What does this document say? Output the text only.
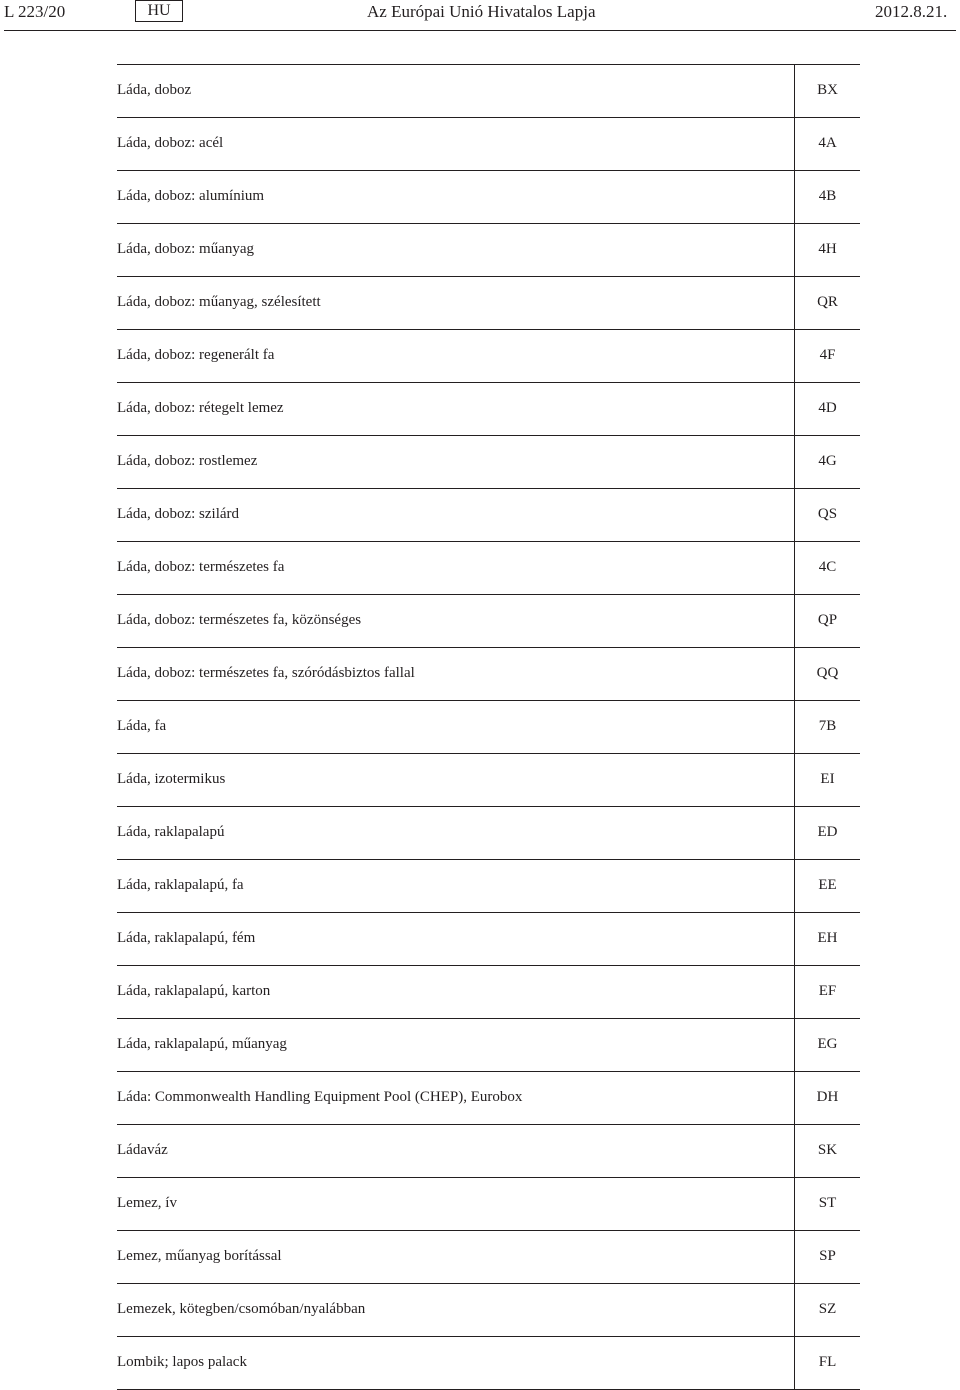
L 223/20	HU	Az Európai Unió Hivatalos Lapja	2012.8.21.
Láda, doboz	BX
Láda, doboz: acél	4A
Láda, doboz: alumínium	4B
Láda, doboz: műanyag	4H
Láda, doboz: műanyag, szélesített	QR
Láda, doboz: regenerált fa	4F
Láda, doboz: rétegelt lemez	4D
Láda, doboz: rostlemez	4G
Láda, doboz: szilárd	QS
Láda, doboz: természetes fa	4C
Láda, doboz: természetes fa, közönséges	QP
Láda, doboz: természetes fa, szóródásbiztos fallal	QQ
Láda, fa	7B
Láda, izotermikus	EI
Láda, raklapalapú	ED
Láda, raklapalapú, fa	EE
Láda, raklapalapú, fém	EH
Láda, raklapalapú, karton	EF
Láda, raklapalapú, műanyag	EG
Láda: Commonwealth Handling Equipment Pool (CHEP), Eurobox	DH
Ládaváz	SK
Lemez, ív	ST
Lemez, műanyag borítással	SP
Lemezek, kötegben/csomóban/nyalábban	SZ
Lombik; lapos palack	FL
